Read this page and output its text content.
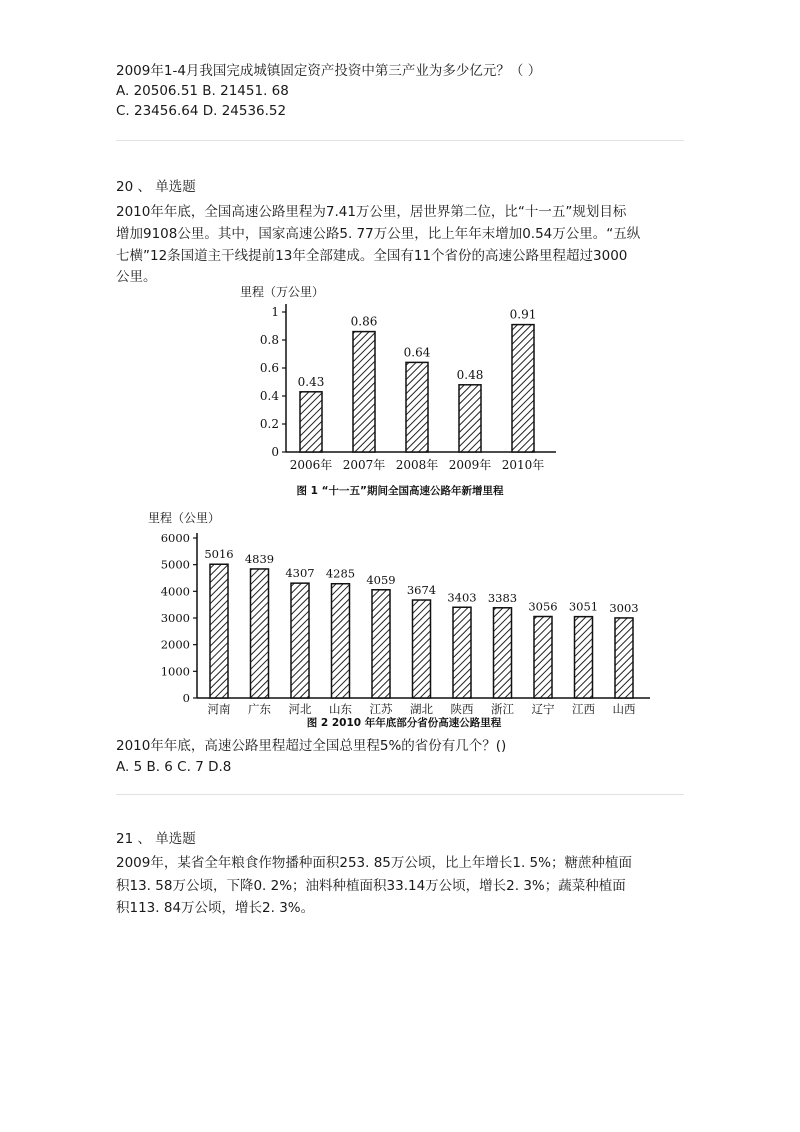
2009年1-4月我国完成城镇固定资产投资中第三产业为多少亿元？（ ）
A. 20506.51 B. 21451. 68
C. 23456.64 D. 24536.52
20 、 单选题
2010年年底，全国高速公路里程为7.41万公里，居世界第二位，比“十一五”规划目标
增加9108公里。其中，国家高速公路5. 77万公里，比上年年末增加0.54万公里。“五纵
七横”12条国道主干线提前13年全部建成。全国有11个省份的高速公路里程超过3000
公里。
里程（万公里）
0
0.2
0.4
0.6
0.8
1
2006年 2007年 2008年 2009年 2010年
0.43
0.86
0.64
0.48
0.91
图 1 “十一五”期间全国高速公路年新增里程
里程（公里）
0
1000
2000
3000
4000
5000
6000
河南 广东 河北 山东 江苏 湖北 陕西 浙江 辽宁 江西 山西
5016 4839
4307 4285 4059
3674
3403 3383
3056 3051 3003
图 2 2010 年年底部分省份高速公路里程
2010年年底，高速公路里程超过全国总里程5%的省份有几个？()
A. 5 B. 6 C. 7 D.8
21 、 单选题
2009年，某省全年粮食作物播种面积253. 85万公顷，比上年增长1. 5%；糖蔗种植面
积13. 58万公顷，下降0. 2%；油料种植面积33.14万公顷，增长2. 3%；蔬菜种植面
积113. 84万公顷，增长2. 3%。
